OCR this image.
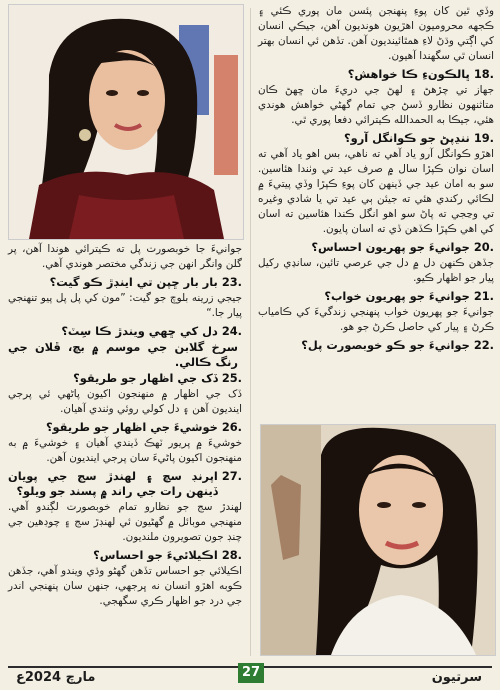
وڏي ٿين کان پوءِ پنهنجن پئسن مان پوري ڪئي ۽ ڪجهه محروميون اهڙيون هونديون آهن، جيڪي انسان کي اڳتي وڌڻ لاءِ همٿائينديون آهن. تڏهن ئي انسان بهتر انسان ٿي سگهندا آهيون.

18.
ڀالڪونءِ ڪا خواهش؟

جهاز تي چڙهڻ ۽ لهڻ جي دريءَ مان ڇهڻ ڪان متاثنهون نظارو ڏسڻ جي تمام گهڻي خواهش هوندي هئي، جيڪا به الحمدالله ڪيترائي دفعا پوري ٿي.

19.
ننڍپڻ جو ڪوانگل آرو؟

اهڙو ڪوانگل آرو ياد آهي ته ناهي، بس اهو ياد آهي ته اسان نوان ڪپڙا سال ۾ صرف عيد تي وٺندا هئاسين. سو به امان عيد جي ڏينهن کان پوءِ ڪپڙا وڏي پيتيءَ ۾ لڪائي رکندي هئي ته جيئن ٻي عيد تي يا شادي وغيره تي وڃجي ته پاڻ سو اهو انگل ڪندا هئاسين ته اسان کي اهي ڪپڙا ڪڏهن ڏي ته اسان پايون.

20.
جوانيءَ جو پهريون احساس؟

جڏهن ڪنهن دل ۾ دل جي عرصي تائين، سانڍي رکيل پيار جو اظهار ڪيو.

21.
جوانيءَ جو پهريون خواب؟

جوانيءَ جو پهريون خواب پنهنجي زندگيءَ کي ڪامياب ڪرڻ ۽ پيار کي حاصل ڪرڻ جو هو.

22.
جوانيءَ جو ڪو خوبصورت پل؟

جوانيءَ جا خوبصورت پل ته ڪيترائي هوندا آهن، پر گلن وانگر انهن جي زندگي مختصر هوندي آهي.

23.
بار بار ڇپن تي اينڊڙ ڪو گيت؟

جيجي زرينه بلوچ جو گيت: ”مون کي پل پل پيو تنهنجي پيار جا.“

24.
دل کي ڇهي ويندڙ ڪا سِٽ؟
سرخ گلابن جي موسم ۾ بچ، ڦلان جي رنگ ڪالي.
25.
ڏک جي اظهار جو طريقو؟

ڏک جي اظهار ۾ منهنجون اکيون پاڻهي ئي پرجي اينديون آهن ۽ دل کولي روئي وٺندي آهيان.

26.
خوشيءَ جي اظهار جو طريقو؟

خوشيءَ ۾ پريور ٽهڪ ڏيندي آهيان ۽ خوشيءَ ۾ به منهنجون اکيون پاڻيءَ سان پرجي اينديون آهن.

27.
اپرنڊ سچ ۽ لهندڙ سج جي پويان ڏينهن رات جي راند ۾ پسند جو ويلو؟

لهندڙ سج جو نظارو تمام خوبصورت لڳندو آهي. منهنجي موبائل ۾ گهڻيون ئي لهنڊڙ سج ۽ چوڊهين جي چنڊ جون تصويرون ملنديون.

28.
اڪيلائيءَ جو احساس؟

اڪيلائي جو احساس تڏهن گهڻو وڌي ويندو آهي، جڏهن ڪوبه اهڙو انسان نه ڀرجهي، جنهن سان پنهنجي اندر جي درد جو اظهار ڪري سگهجي.

مارچ 2024ع	27	سرتيون
